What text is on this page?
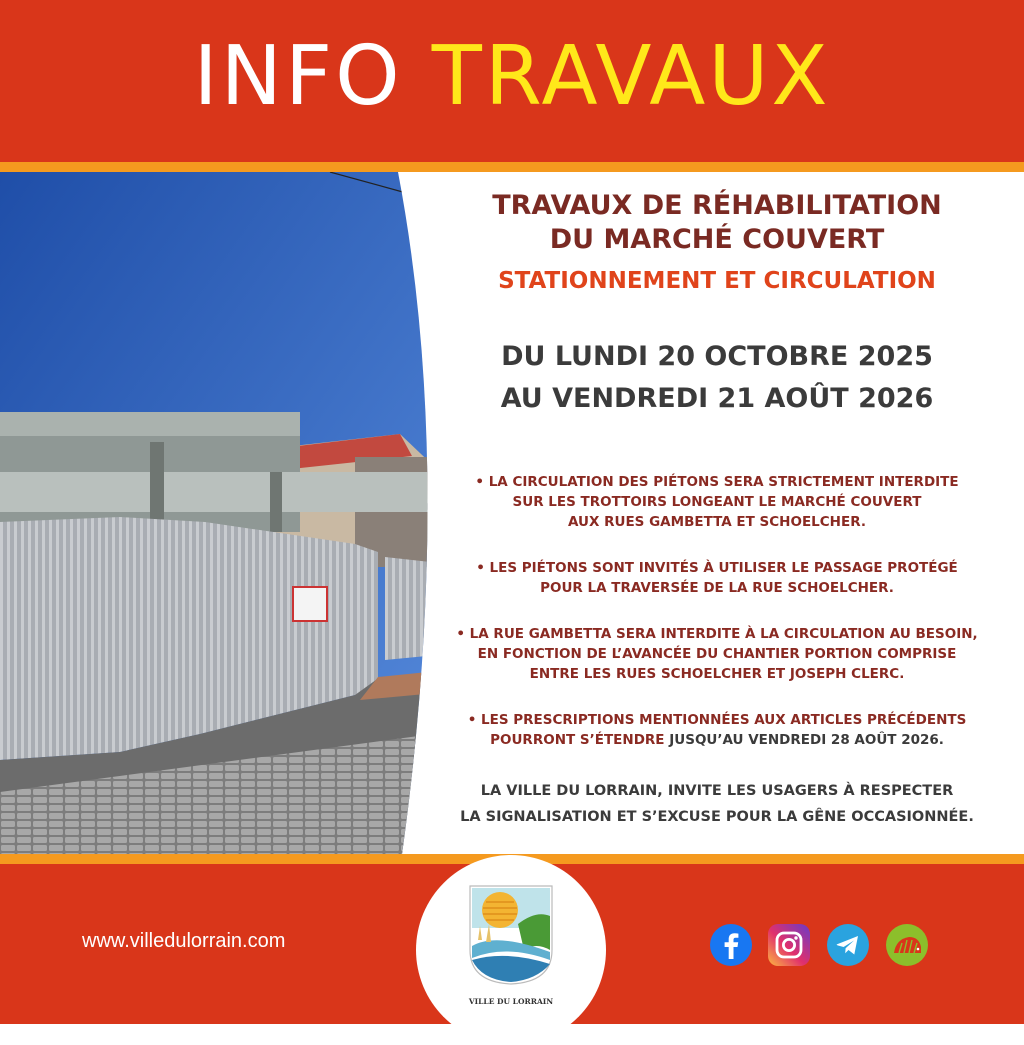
INFO TRAVAUX
TRAVAUX DE RÉHABILITATION
DU MARCHÉ COUVERT
STATIONNEMENT ET CIRCULATION
DU LUNDI 20 OCTOBRE 2025
AU VENDREDI 21 AOÛT 2026
• LA CIRCULATION DES PIÉTONS SERA STRICTEMENT INTERDITE
SUR LES TROTTOIRS LONGEANT LE MARCHÉ COUVERT
AUX RUES GAMBETTA ET SCHOELCHER.
• LES PIÉTONS SONT INVITÉS À UTILISER LE PASSAGE PROTÉGÉ
POUR LA TRAVERSÉE DE LA RUE SCHOELCHER.
• LA RUE GAMBETTA SERA INTERDITE À LA CIRCULATION AU BESOIN,
EN FONCTION DE L’AVANCÉE DU CHANTIER PORTION COMPRISE
ENTRE LES RUES SCHOELCHER ET JOSEPH CLERC.
• LES PRESCRIPTIONS MENTIONNÉES AUX ARTICLES PRÉCÉDENTS
POURRONT S’ÉTENDRE JUSQU’AU VENDREDI 28 AOÛT 2026.
LA VILLE DU LORRAIN, INVITE LES USAGERS À RESPECTER
LA SIGNALISATION ET S’EXCUSE POUR LA GÊNE OCCASIONNÉE.
www.villedulorrain.com
VILLE DU LORRAIN
